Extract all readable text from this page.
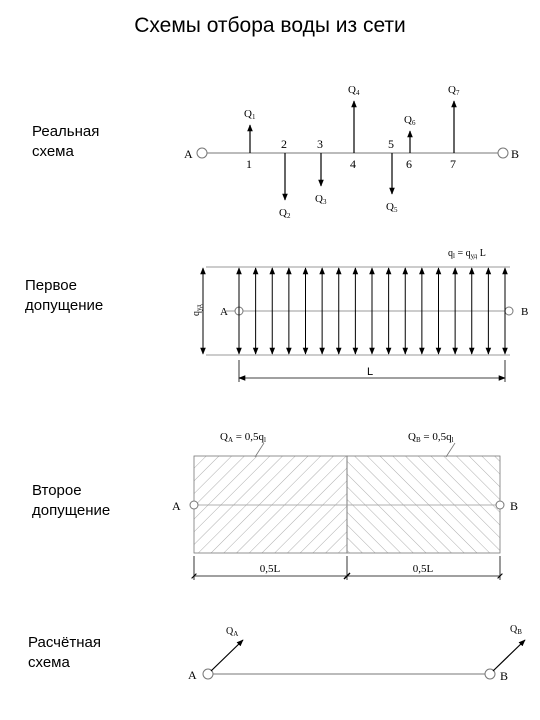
Схемы отбора воды из сети
Реальная
схема
Первое
допущение
Второе
допущение
Расчётная
схема
A	B
1
2	3
4
5
6	7
Q1
Q2
Q3
Q4
Q5
Q6
Q7
A	B
$q_l = q_{уд}$ L
$q_{уд}$
L
A	B
QA = 0,5ql	QB = 0,5ql
0,5L	0,5L
A	B
$Q_A$	$Q_B$
